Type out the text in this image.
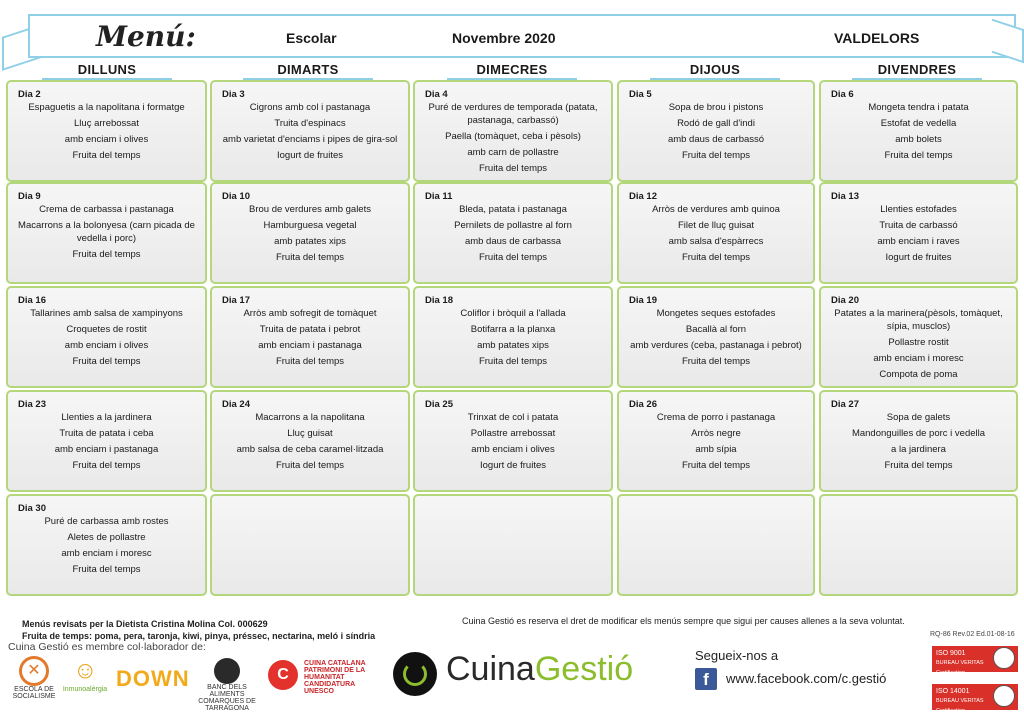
Menú:	Escolar	Novembre 2020	VALDELORS
DILLUNS	DIMARTS	DIMECRES	DIJOUS	DIVENDRES
Dia 2
Espaguetis a la napolitana i formatge
Lluç arrebossat
amb enciam i olives
Fruita del temps
Dia 3
Cigrons amb col i pastanaga
Truita d'espinacs
amb varietat d'enciams i pipes de gira-sol
Iogurt de fruites
Dia 4
Puré de verdures de temporada (patata, pastanaga, carbassó)
Paella (tomàquet, ceba i pèsols)
amb carn de pollastre
Fruita del temps
Dia 5
Sopa de brou i pistons
Rodó de gall d'indi
amb daus de carbassó
Fruita del temps
Dia 6
Mongeta tendra i patata
Estofat de vedella
amb bolets
Fruita del temps
Dia 9
Crema de carbassa i pastanaga
Macarrons a la bolonyesa (carn picada de vedella i porc)
Fruita del temps
Dia 10
Brou de verdures amb galets
Hamburguesa vegetal
amb patates xips
Fruita del temps
Dia 11
Bleda, patata i pastanaga
Pernilets de pollastre al forn
amb daus de carbassa
Fruita del temps
Dia 12
Arròs de verdures amb quinoa
Filet de lluç guisat
amb salsa d'espàrrecs
Fruita del temps
Dia 13
Llenties estofades
Truita de carbassó
amb enciam i raves
Iogurt de fruites
Dia 16
Tallarines amb salsa de xampinyons
Croquetes de rostit
amb enciam i olives
Fruita del temps
Dia 17
Arròs amb sofregit de tomàquet
Truita de patata i pebrot
amb enciam i pastanaga
Fruita del temps
Dia 18
Coliflor i bròquil a l'allada
Botifarra a la planxa
amb patates xips
Fruita del temps
Dia 19
Mongetes seques estofades
Bacallà al forn
amb verdures (ceba, pastanaga i pebrot)
Fruita del temps
Dia 20
Patates a la marinera(pèsols, tomàquet, sípia, musclos)
Pollastre rostit
amb enciam i moresc
Compota de poma
Dia 23
Llenties a la jardinera
Truita de patata i ceba
amb enciam i pastanaga
Fruita del temps
Dia 24
Macarrons a la napolitana
Lluç guisat
amb salsa de ceba caramel·litzada
Fruita del temps
Dia 25
Trinxat de col i patata
Pollastre arrebossat
amb enciam i olives
Iogurt de fruites
Dia 26
Crema de porro i pastanaga
Arròs negre
amb sípia
Fruita del temps
Dia 27
Sopa de galets
Mandonguilles de porc i vedella
a la jardinera
Fruita del temps
Dia 30
Puré de carbassa amb rostes
Aletes de pollastre
amb enciam i moresc
Fruita del temps
Menús revisats per la Dietista Cristina Molina Col. 000629
Fruita de temps: poma, pera, taronja, kiwi, pinya, préssec, nectarina, meló i síndria
Cuina Gestió es membre col·laborador de:
Cuina Gestió es reserva el dret de modificar els menús sempre que sigui per causes allenes a la seva voluntat.
RQ-86 Rev.02 Ed.01-08-16
✕
ESCOLA DE SOCIALISME
☺
Inmunoalèrgia DOWN	BANC DELS ALIMENTS COMARQUES DE TARRAGONA
C
CUINA CATALANA PATRIMONI DE LA HUMANITAT CANDIDATURA UNESCO
CuinaGestió	Segueix-nos a
f	www.facebook.com/c.gestió
ISO 9001
BUREAU VERITAS Certification
ISO 14001
BUREAU VERITAS Certification
